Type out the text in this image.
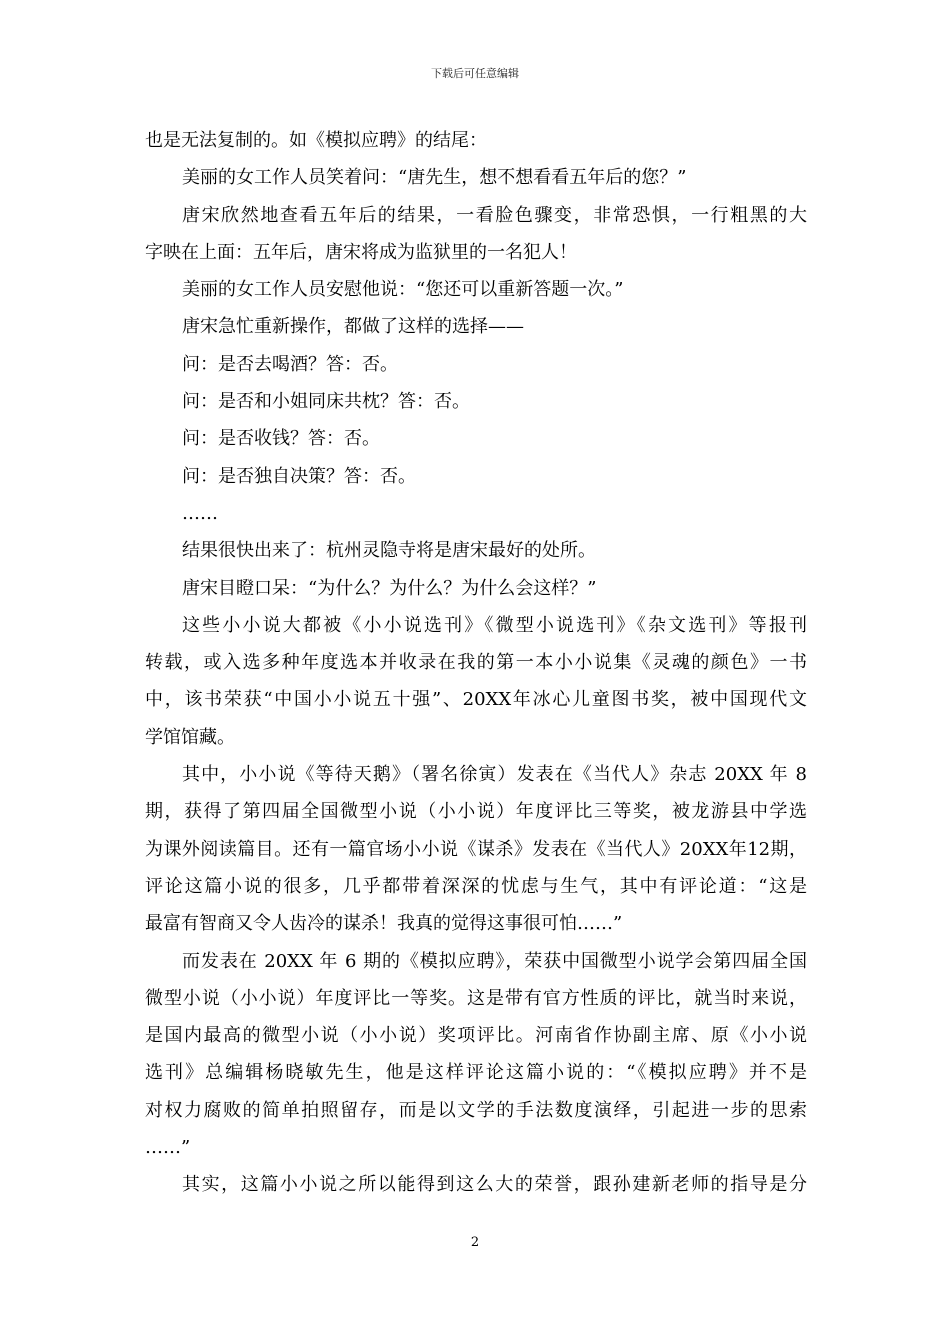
下载后可任意编辑
也是无法复制的。如《模拟应聘》的结尾：
美丽的女工作人员笑着问：“唐先生，想不想看看五年后的您？”
唐宋欣然地查看五年后的结果，一看脸色骤变，非常恐惧，一行粗黑的大
字映在上面：五年后，唐宋将成为监狱里的一名犯人！
美丽的女工作人员安慰他说：“您还可以重新答题一次。”
唐宋急忙重新操作，都做了这样的选择——
问：是否去喝酒？答：否。
问：是否和小姐同床共枕？答：否。
问：是否收钱？答：否。
问：是否独自决策？答：否。
……
结果很快出来了：杭州灵隐寺将是唐宋最好的处所。
唐宋目瞪口呆：“为什么？为什么？为什么会这样？”
这些小小说大都被《小小说选刊》《微型小说选刊》《杂文选刊》等报刊
转载，或入选多种年度选本并收录在我的第一本小小说集《灵魂的颜色》一书
中，该书荣获“中国小小说五十强”、20XX年冰心儿童图书奖，被中国现代文
学馆馆藏。
其中，小小说《等待天鹅》（署名徐寅）发表在《当代人》杂志 20XX 年 8
期，获得了第四届全国微型小说（小小说）年度评比三等奖，被龙游县中学选
为课外阅读篇目。还有一篇官场小小说《谋杀》发表在《当代人》20XX年12期，
评论这篇小说的很多，几乎都带着深深的忧虑与生气，其中有评论道：“这是
最富有智商又令人齿冷的谋杀！我真的觉得这事很可怕……”
而发表在 20XX 年 6 期的《模拟应聘》，荣获中国微型小说学会第四届全国
微型小说（小小说）年度评比一等奖。这是带有官方性质的评比，就当时来说，
是国内最高的微型小说（小小说）奖项评比。河南省作协副主席、原《小小说
选刊》总编辑杨晓敏先生，他是这样评论这篇小说的：“《模拟应聘》并不是
对权力腐败的简单拍照留存，而是以文学的手法数度演绎，引起进一步的思索
……”
其实，这篇小小说之所以能得到这么大的荣誉，跟孙建新老师的指导是分
2
